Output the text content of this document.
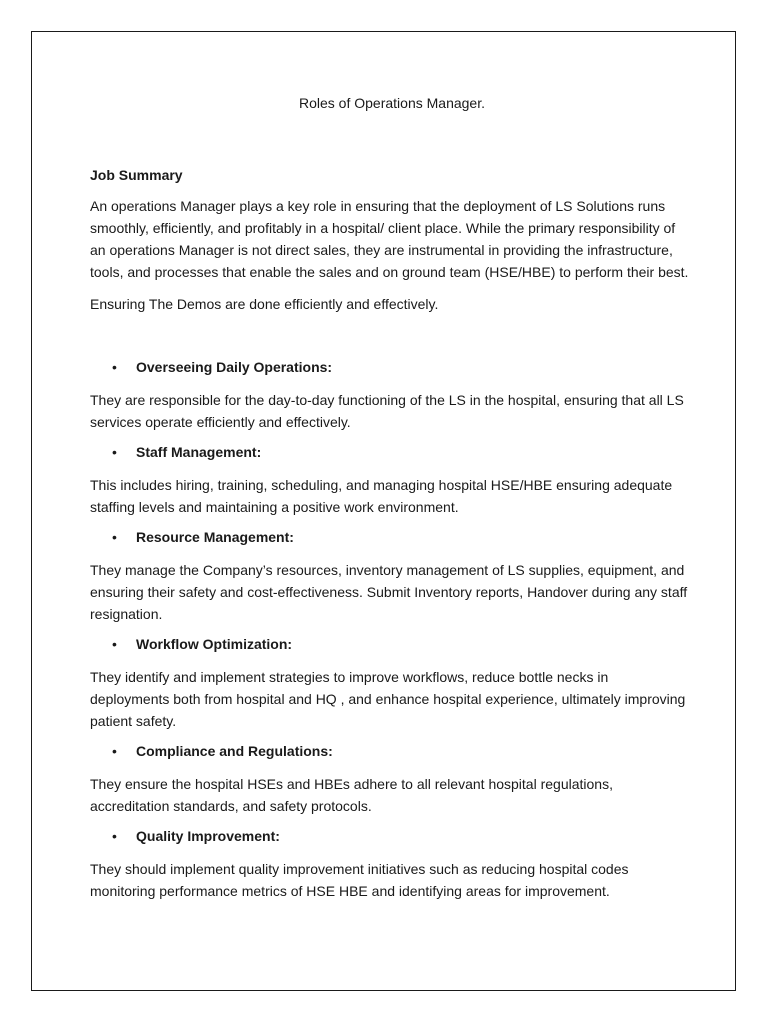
Roles of Operations Manager.
Job Summary

An operations Manager plays a key role in ensuring that the deployment of LS Solutions runs smoothly, efficiently, and profitably in a hospital/ client place. While the primary responsibility of an operations Manager is not direct sales, they are instrumental in providing the infrastructure, tools, and processes that enable the sales and on ground team (HSE/HBE) to perform their best.

Ensuring The Demos are done efficiently and effectively.

•	Overseeing Daily Operations:

They are responsible for the day-to-day functioning of the LS in the hospital, ensuring that all LS services operate efficiently and effectively.

•	Staff Management:

This includes hiring, training, scheduling, and managing hospital HSE/HBE ensuring adequate staffing levels and maintaining a positive work environment.

•	Resource Management:

They manage the Company’s resources, inventory management of LS supplies, equipment, and ensuring their safety and cost-effectiveness. Submit Inventory reports, Handover during any staff resignation.

•	Workflow Optimization:

They identify and implement strategies to improve workflows, reduce bottle necks in deployments both from hospital and HQ , and enhance hospital experience, ultimately improving patient safety.

•	Compliance and Regulations:

They ensure the hospital HSEs and HBEs adhere to all relevant hospital regulations, accreditation standards, and safety protocols.

•	Quality Improvement:

They should implement quality improvement initiatives such as reducing hospital codes monitoring performance metrics of HSE HBE and identifying areas for improvement.
